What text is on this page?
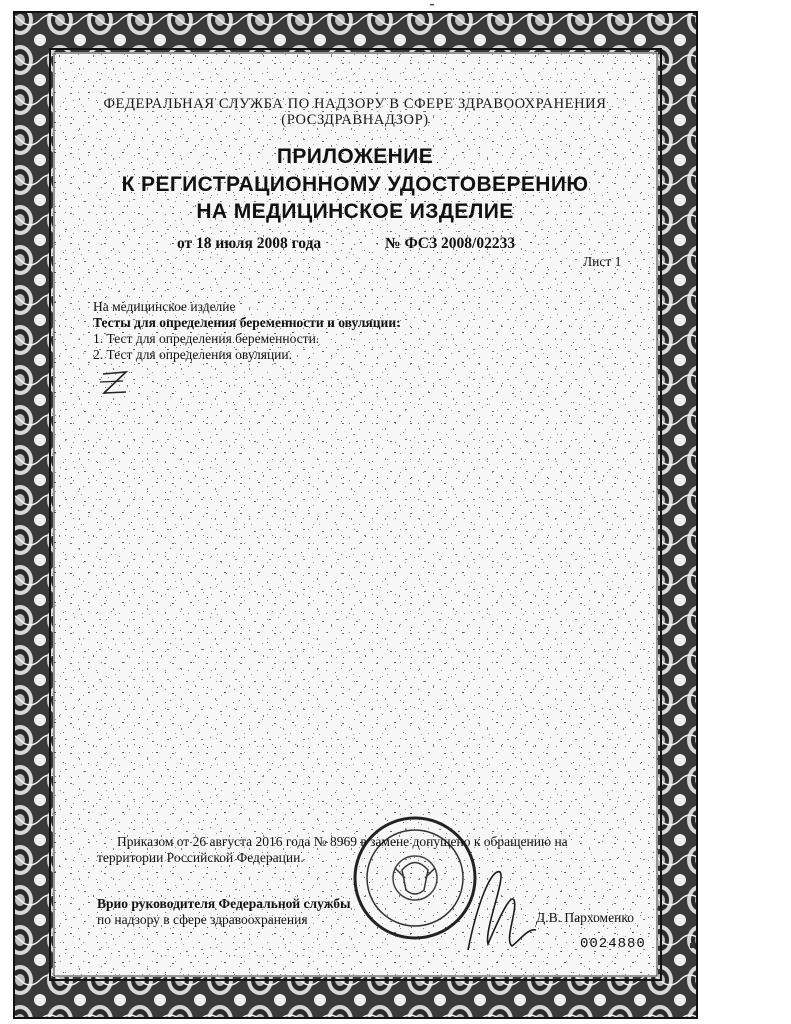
ФЕДЕРАЛЬНАЯ СЛУЖБА ПО НАДЗОРУ В СФЕРЕ ЗДРАВООХРАНЕНИЯ
(РОСЗДРАВНАДЗОР)
ПРИЛОЖЕНИЕ
К РЕГИСТРАЦИОННОМУ УДОСТОВЕРЕНИЮ
НА МЕДИЦИНСКОЕ ИЗДЕЛИЕ
от 18 июля 2008 года	№ ФСЗ 2008/02233
Лист 1
На медицинское изделие
Тесты для определения беременности и овуляции:
1. Тест для определения беременности.
2. Тест для определения овуляции.
Приказом от 26 августа 2016 года № 8969 в замене допущено к обращению на
территории Российской Федерации.
Врио руководителя Федеральной службы
по надзору в сфере здравоохранения	Д.В. Пархоменко
0024880
